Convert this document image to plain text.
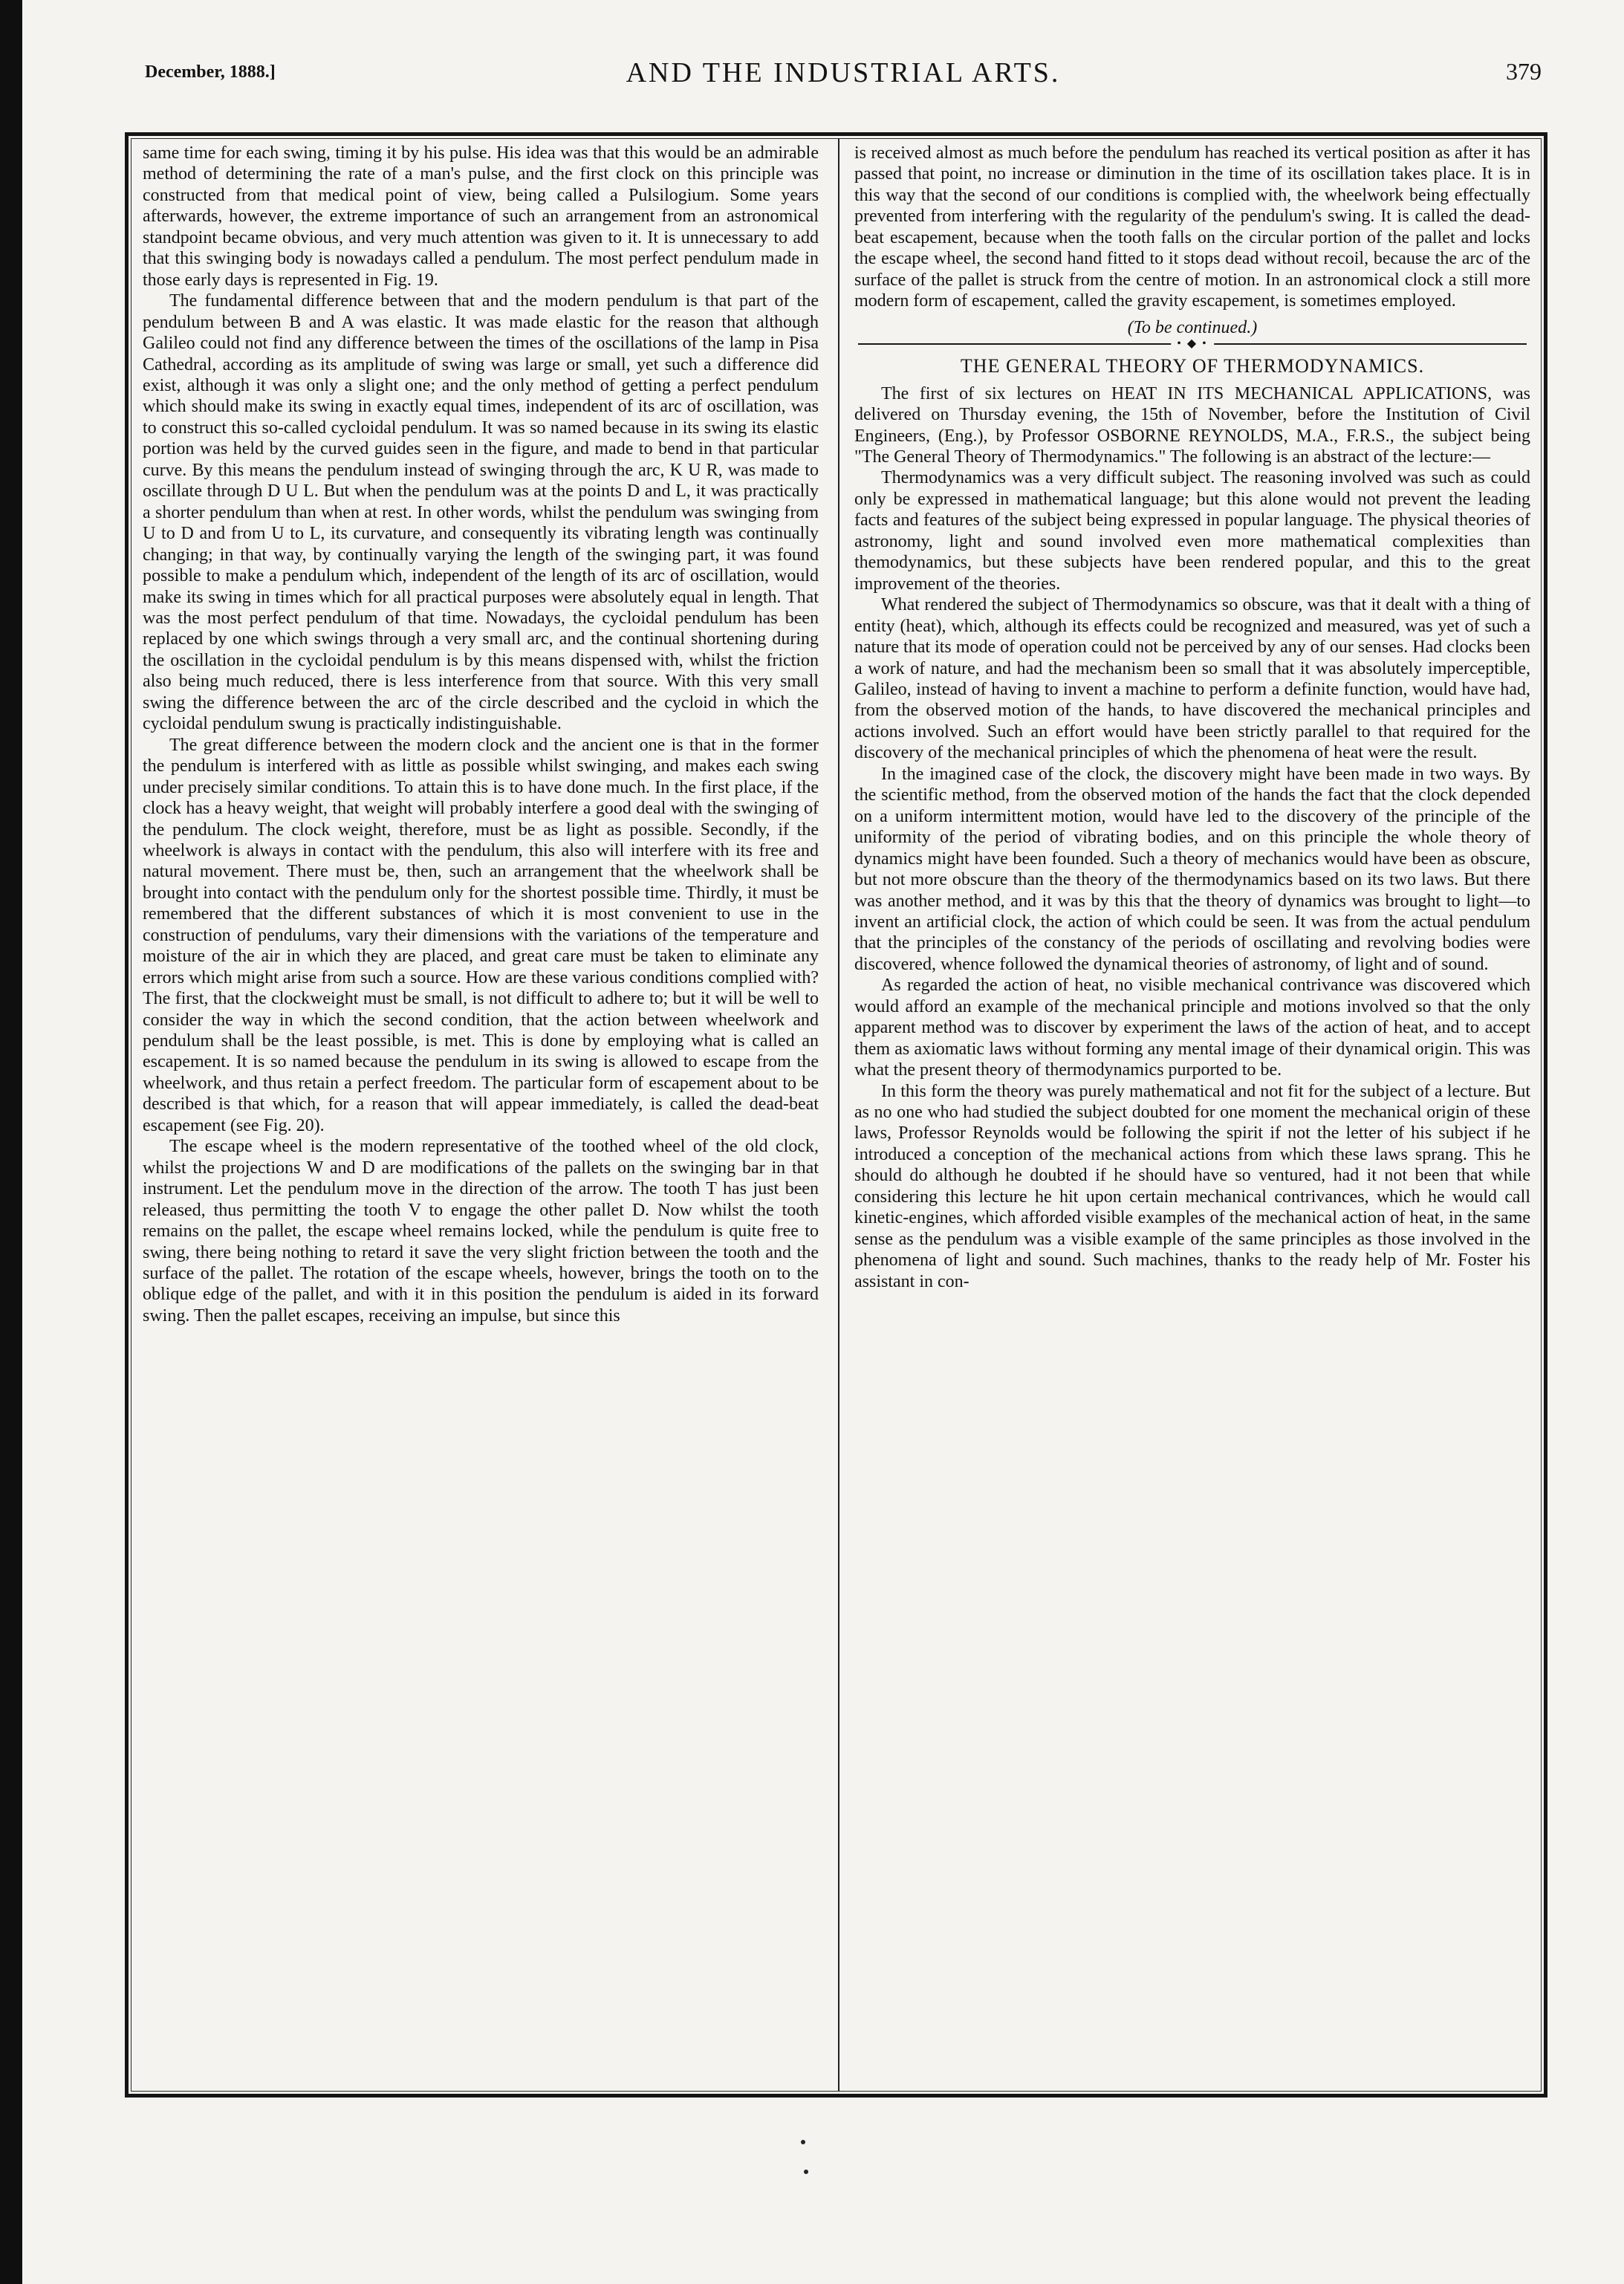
December, 1888.]	AND THE INDUSTRIAL ARTS.	379

same time for each swing, timing it by his pulse. His idea was that this would be an admirable method of determining the rate of a man's pulse, and the first clock on this principle was constructed from that medical point of view, being called a Pulsilogium. Some years afterwards, however, the extreme importance of such an arrangement from an astronomical standpoint became obvious, and very much attention was given to it. It is unnecessary to add that this swinging body is nowadays called a pendulum. The most perfect pendulum made in those early days is represented in Fig. 19.

The fundamental difference between that and the modern pendulum is that part of the pendulum between B and A was elastic. It was made elastic for the reason that although Galileo could not find any difference between the times of the oscillations of the lamp in Pisa Cathedral, according as its amplitude of swing was large or small, yet such a difference did exist, although it was only a slight one; and the only method of getting a perfect pendulum which should make its swing in exactly equal times, independent of its arc of oscillation, was to construct this so-called cycloidal pendulum. It was so named because in its swing its elastic portion was held by the curved guides seen in the figure, and made to bend in that particular curve. By this means the pendulum instead of swinging through the arc, K U R, was made to oscillate through D U L. But when the pendulum was at the points D and L, it was practically a shorter pendulum than when at rest. In other words, whilst the pendulum was swinging from U to D and from U to L, its curvature, and consequently its vibrating length was continually changing; in that way, by continually varying the length of the swinging part, it was found possible to make a pendulum which, independent of the length of its arc of oscillation, would make its swing in times which for all practical purposes were absolutely equal in length. That was the most perfect pendulum of that time. Nowadays, the cycloidal pendulum has been replaced by one which swings through a very small arc, and the continual shortening during the oscillation in the cycloidal pendulum is by this means dispensed with, whilst the friction also being much reduced, there is less interference from that source. With this very small swing the difference between the arc of the circle described and the cycloid in which the cycloidal pendulum swung is practically indistinguishable.

The great difference between the modern clock and the ancient one is that in the former the pendulum is interfered with as little as possible whilst swinging, and makes each swing under precisely similar conditions. To attain this is to have done much. In the first place, if the clock has a heavy weight, that weight will probably interfere a good deal with the swinging of the pendulum. The clock weight, therefore, must be as light as possible. Secondly, if the wheelwork is always in contact with the pendulum, this also will interfere with its free and natural movement. There must be, then, such an arrangement that the wheelwork shall be brought into contact with the pendulum only for the shortest possible time. Thirdly, it must be remembered that the different substances of which it is most convenient to use in the construction of pendulums, vary their dimensions with the variations of the temperature and moisture of the air in which they are placed, and great care must be taken to eliminate any errors which might arise from such a source. How are these various conditions complied with? The first, that the clockweight must be small, is not difficult to adhere to; but it will be well to consider the way in which the second condition, that the action between wheelwork and pendulum shall be the least possible, is met. This is done by employing what is called an escapement. It is so named because the pendulum in its swing is allowed to escape from the wheelwork, and thus retain a perfect freedom. The particular form of escapement about to be described is that which, for a reason that will appear immediately, is called the dead-beat escapement (see Fig. 20).

The escape wheel is the modern representative of the toothed wheel of the old clock, whilst the projections W and D are modifications of the pallets on the swinging bar in that instrument. Let the pendulum move in the direction of the arrow. The tooth T has just been released, thus permitting the tooth V to engage the other pallet D. Now whilst the tooth remains on the pallet, the escape wheel remains locked, while the pendulum is quite free to swing, there being nothing to retard it save the very slight friction between the tooth and the surface of the pallet. The rotation of the escape wheels, however, brings the tooth on to the oblique edge of the pallet, and with it in this position the pendulum is aided in its forward swing. Then the pallet escapes, receiving an impulse, but since this

is received almost as much before the pendulum has reached its vertical position as after it has passed that point, no increase or diminution in the time of its oscillation takes place. It is in this way that the second of our conditions is complied with, the wheelwork being effectually prevented from interfering with the regularity of the pendulum's swing. It is called the dead-beat escapement, because when the tooth falls on the circular portion of the pallet and locks the escape wheel, the second hand fitted to it stops dead without recoil, because the arc of the surface of the pallet is struck from the centre of motion. In an astronomical clock a still more modern form of escapement, called the gravity escapement, is sometimes employed.

(To be continued.)
• ◆ •
THE GENERAL THEORY OF THERMODYNAMICS.

The first of six lectures on HEAT IN ITS MECHANICAL APPLICATIONS, was delivered on Thursday evening, the 15th of November, before the Institution of Civil Engineers, (Eng.), by Professor OSBORNE REYNOLDS, M.A., F.R.S., the subject being "The General Theory of Thermodynamics." The following is an abstract of the lecture:—

Thermodynamics was a very difficult subject. The reasoning involved was such as could only be expressed in mathematical language; but this alone would not prevent the leading facts and features of the subject being expressed in popular language. The physical theories of astronomy, light and sound involved even more mathematical complexities than themodynamics, but these subjects have been rendered popular, and this to the great improvement of the theories.

What rendered the subject of Thermodynamics so obscure, was that it dealt with a thing of entity (heat), which, although its effects could be recognized and measured, was yet of such a nature that its mode of operation could not be perceived by any of our senses. Had clocks been a work of nature, and had the mechanism been so small that it was absolutely imperceptible, Galileo, instead of having to invent a machine to perform a definite function, would have had, from the observed motion of the hands, to have discovered the mechanical principles and actions involved. Such an effort would have been strictly parallel to that required for the discovery of the mechanical principles of which the phenomena of heat were the result.

In the imagined case of the clock, the discovery might have been made in two ways. By the scientific method, from the observed motion of the hands the fact that the clock depended on a uniform intermittent motion, would have led to the discovery of the principle of the uniformity of the period of vibrating bodies, and on this principle the whole theory of dynamics might have been founded. Such a theory of mechanics would have been as obscure, but not more obscure than the theory of the thermodynamics based on its two laws. But there was another method, and it was by this that the theory of dynamics was brought to light—to invent an artificial clock, the action of which could be seen. It was from the actual pendulum that the principles of the constancy of the periods of oscillating and revolving bodies were discovered, whence followed the dynamical theories of astronomy, of light and of sound.

As regarded the action of heat, no visible mechanical contrivance was discovered which would afford an example of the mechanical principle and motions involved so that the only apparent method was to discover by experiment the laws of the action of heat, and to accept them as axiomatic laws without forming any mental image of their dynamical origin. This was what the present theory of thermodynamics purported to be.

In this form the theory was purely mathematical and not fit for the subject of a lecture. But as no one who had studied the subject doubted for one moment the mechanical origin of these laws, Professor Reynolds would be following the spirit if not the letter of his subject if he introduced a conception of the mechanical actions from which these laws sprang. This he should do although he doubted if he should have so ventured, had it not been that while considering this lecture he hit upon certain mechanical contrivances, which he would call kinetic-engines, which afforded visible examples of the mechanical action of heat, in the same sense as the pendulum was a visible example of the same principles as those involved in the phenomena of light and sound. Such machines, thanks to the ready help of Mr. Foster his assistant in con-
